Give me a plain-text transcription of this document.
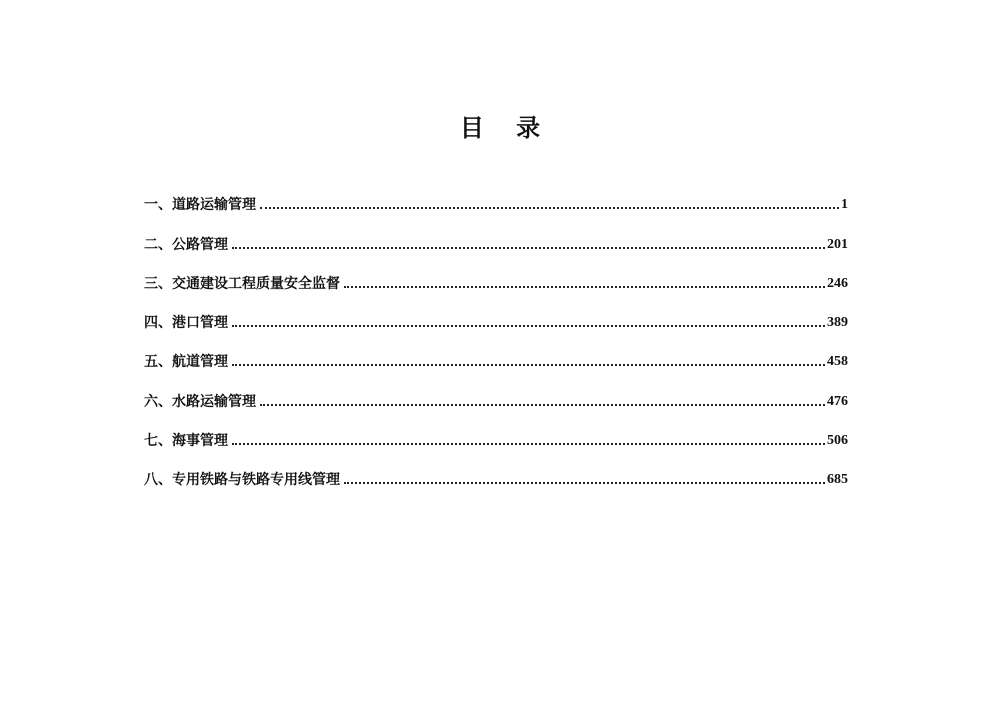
目 录
一、道路运输管理	1
二、公路管理	201
三、交通建设工程质量安全监督	246
四、港口管理	389
五、航道管理	458
六、水路运输管理	476
七、海事管理	506
八、专用铁路与铁路专用线管理	685
